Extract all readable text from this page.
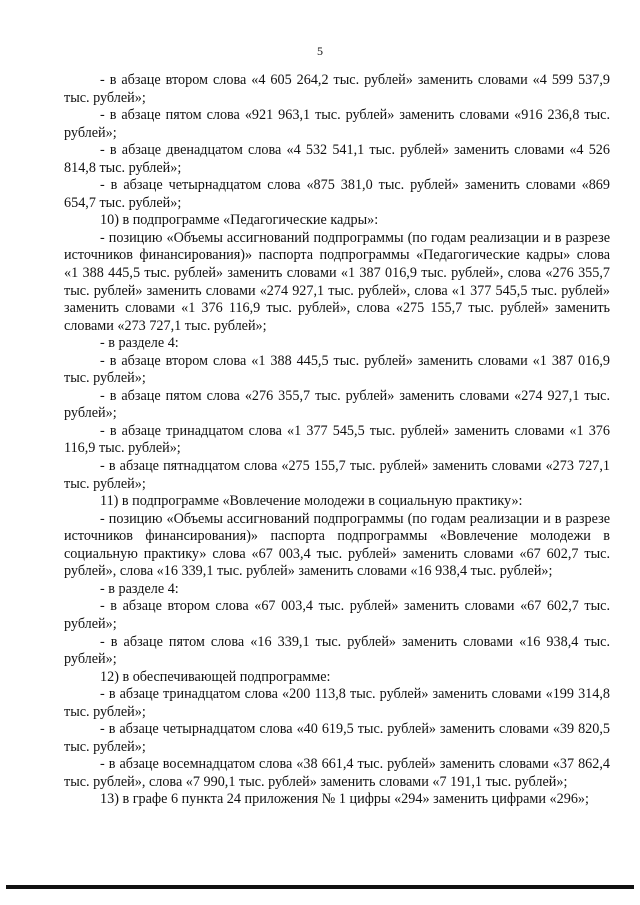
5

- в абзаце втором слова «4 605 264,2 тыс. рублей» заменить словами «4 599 537,9 тыс. рублей»;

- в абзаце пятом слова «921 963,1 тыс. рублей» заменить словами «916 236,8 тыс. рублей»;

- в абзаце двенадцатом слова «4 532 541,1 тыс. рублей» заменить словами «4 526 814,8 тыс. рублей»;

- в абзаце четырнадцатом слова «875 381,0 тыс. рублей» заменить словами «869 654,7 тыс. рублей»;

10) в подпрограмме «Педагогические кадры»:

- позицию «Объемы ассигнований подпрограммы (по годам реализации и в разрезе источников финансирования)» паспорта подпрограммы «Педагогические кадры» слова «1 388 445,5 тыс. рублей» заменить словами «1 387 016,9 тыс. рублей», слова «276 355,7 тыс. рублей» заменить словами «274 927,1 тыс. рублей», слова «1 377 545,5 тыс. рублей» заменить словами «1 376 116,9 тыс. рублей», слова «275 155,7 тыс. рублей» заменить словами «273 727,1 тыс. рублей»;

- в разделе 4:

- в абзаце втором слова «1 388 445,5 тыс. рублей» заменить словами «1 387 016,9 тыс. рублей»;

- в абзаце пятом слова «276 355,7 тыс. рублей» заменить словами «274 927,1 тыс. рублей»;

- в абзаце тринадцатом слова «1 377 545,5 тыс. рублей» заменить словами «1 376 116,9 тыс. рублей»;

- в абзаце пятнадцатом слова «275 155,7 тыс. рублей» заменить словами «273 727,1 тыс. рублей»;

11) в подпрограмме «Вовлечение молодежи в социальную практику»:

- позицию «Объемы ассигнований подпрограммы (по годам реализации и в разрезе источников финансирования)» паспорта подпрограммы «Вовлечение молодежи в социальную практику» слова «67 003,4 тыс. рублей» заменить словами «67 602,7 тыс. рублей», слова «16 339,1 тыс. рублей» заменить словами «16 938,4 тыс. рублей»;

- в разделе 4:

- в абзаце втором слова «67 003,4 тыс. рублей» заменить словами «67 602,7 тыс. рублей»;

- в абзаце пятом слова «16 339,1 тыс. рублей» заменить словами «16 938,4 тыс. рублей»;

12) в обеспечивающей подпрограмме:

- в абзаце тринадцатом слова «200 113,8 тыс. рублей» заменить словами «199 314,8 тыс. рублей»;

- в абзаце четырнадцатом слова «40 619,5 тыс. рублей» заменить словами «39 820,5 тыс. рублей»;

- в абзаце восемнадцатом слова «38 661,4 тыс. рублей» заменить словами «37 862,4 тыс. рублей», слова «7 990,1 тыс. рублей» заменить словами «7 191,1 тыс. рублей»;

13) в графе 6 пункта 24 приложения № 1 цифры «294» заменить цифрами «296»;
